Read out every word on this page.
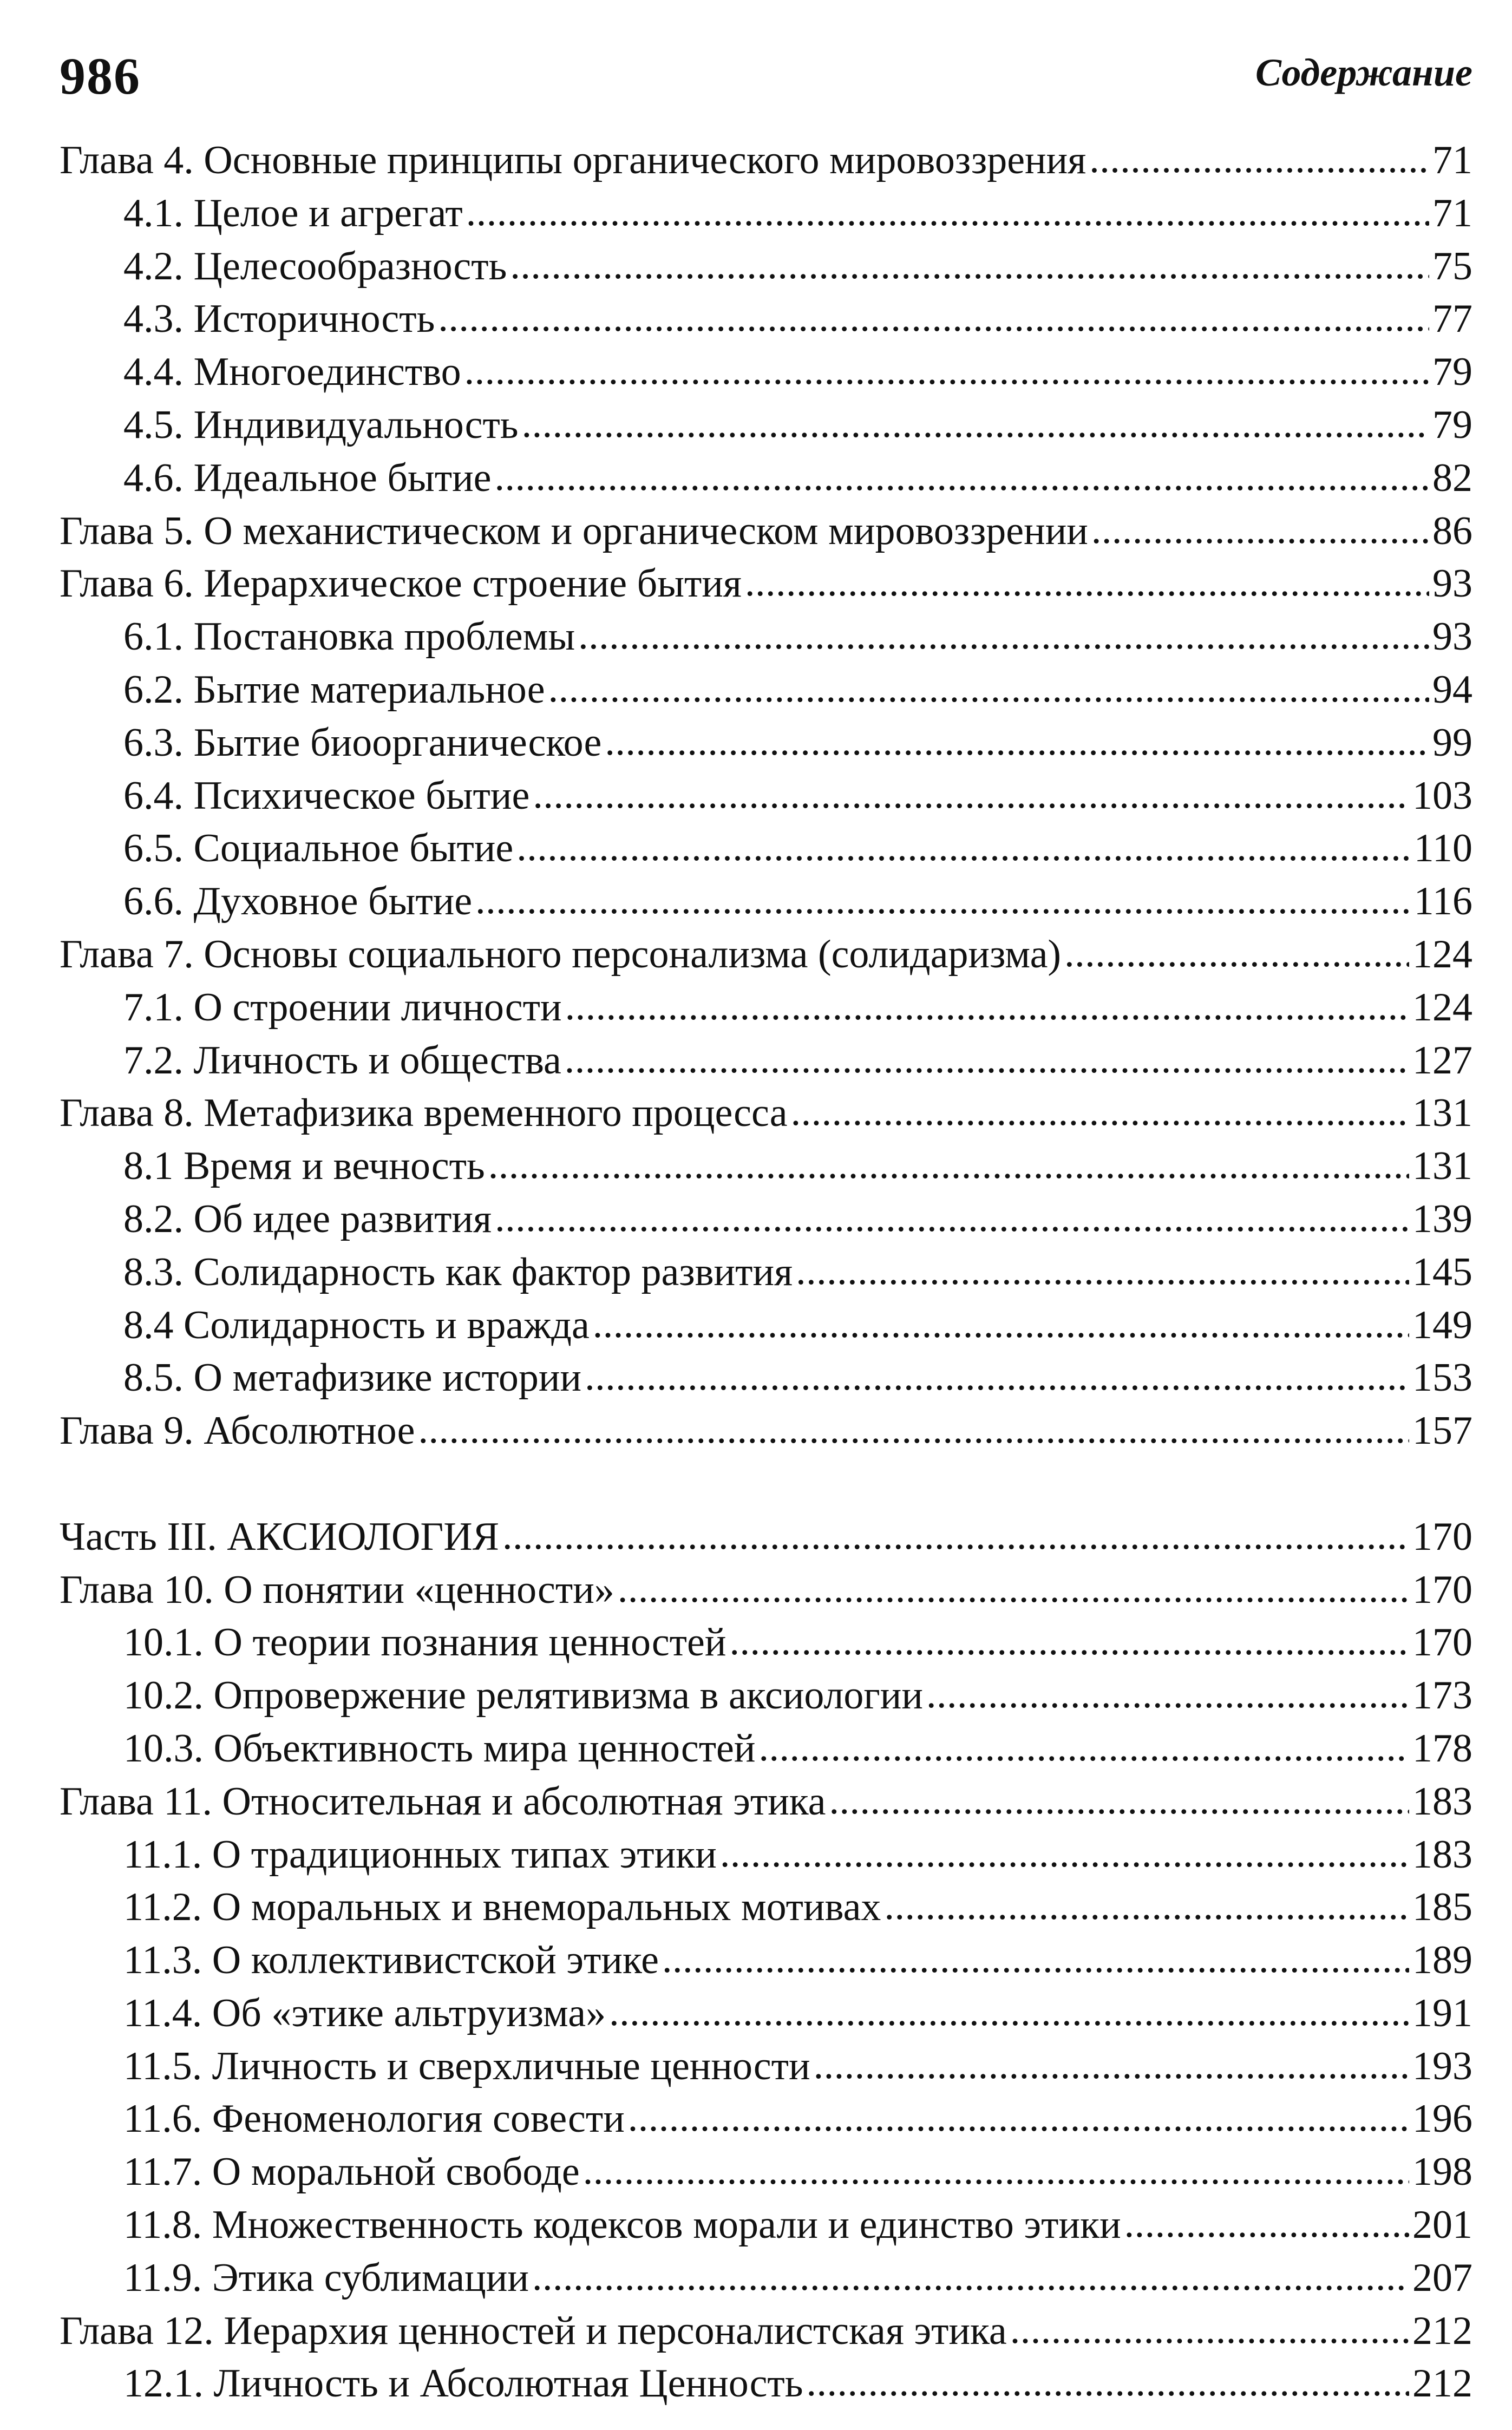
986	Содержание
Глава 4. Основные принципы органического мировоззрения . . .	71
4.1. Целое и агрегат . . .	71
4.2. Целесообразность . . .	75
4.3. Историчность . . .	77
4.4. Многоединство . . .	79
4.5. Индивидуальность . . .	79
4.6. Идеальное бытие . . .	82
Глава 5. О механистическом и органическом мировоззрении . . .	86
Глава 6. Иерархическое строение бытия . . .	93
6.1. Постановка проблемы . . .	93
6.2. Бытие материальное . . .	94
6.3. Бытие биоорганическое . . .	99
6.4. Психическое бытие . . .	103
6.5. Социальное бытие . . .	110
6.6. Духовное бытие . . .	116
Глава 7. Основы социального персонализма (солидаризма) . . .	124
7.1. О строении личности . . .	124
7.2. Личность и общества . . .	127
Глава 8. Метафизика временного процесса . . .	131
8.1 Время и вечность . . .	131
8.2. Об идее развития . . .	139
8.3. Солидарность как фактор развития . . .	145
8.4 Солидарность и вражда . . .	149
8.5. О метафизике истории . . .	153
Глава 9. Абсолютное . . .	157
Часть III. АКСИОЛОГИЯ . . .	170
Глава 10. О понятии «ценности» . . .	170
10.1. О теории познания ценностей . . .	170
10.2. Опровержение релятивизма в аксиологии . . .	173
10.3. Объективность мира ценностей . . .	178
Глава 11. Относительная и абсолютная этика . . .	183
11.1. О традиционных типах этики . . .	183
11.2. О моральных и внеморальных мотивах . . .	185
11.3. О коллективистской этике . . .	189
11.4. Об «этике альтруизма» . . .	191
11.5. Личность и сверхличные ценности . . .	193
11.6. Феноменология совести . . .	196
11.7. О моральной свободе . . .	198
11.8. Множественность кодексов морали и единство этики . . .	201
11.9. Этика сублимации . . .	207
Глава 12. Иерархия ценностей и персоналистская этика . . .	212
12.1. Личность и Абсолютная Ценность . . .	212
